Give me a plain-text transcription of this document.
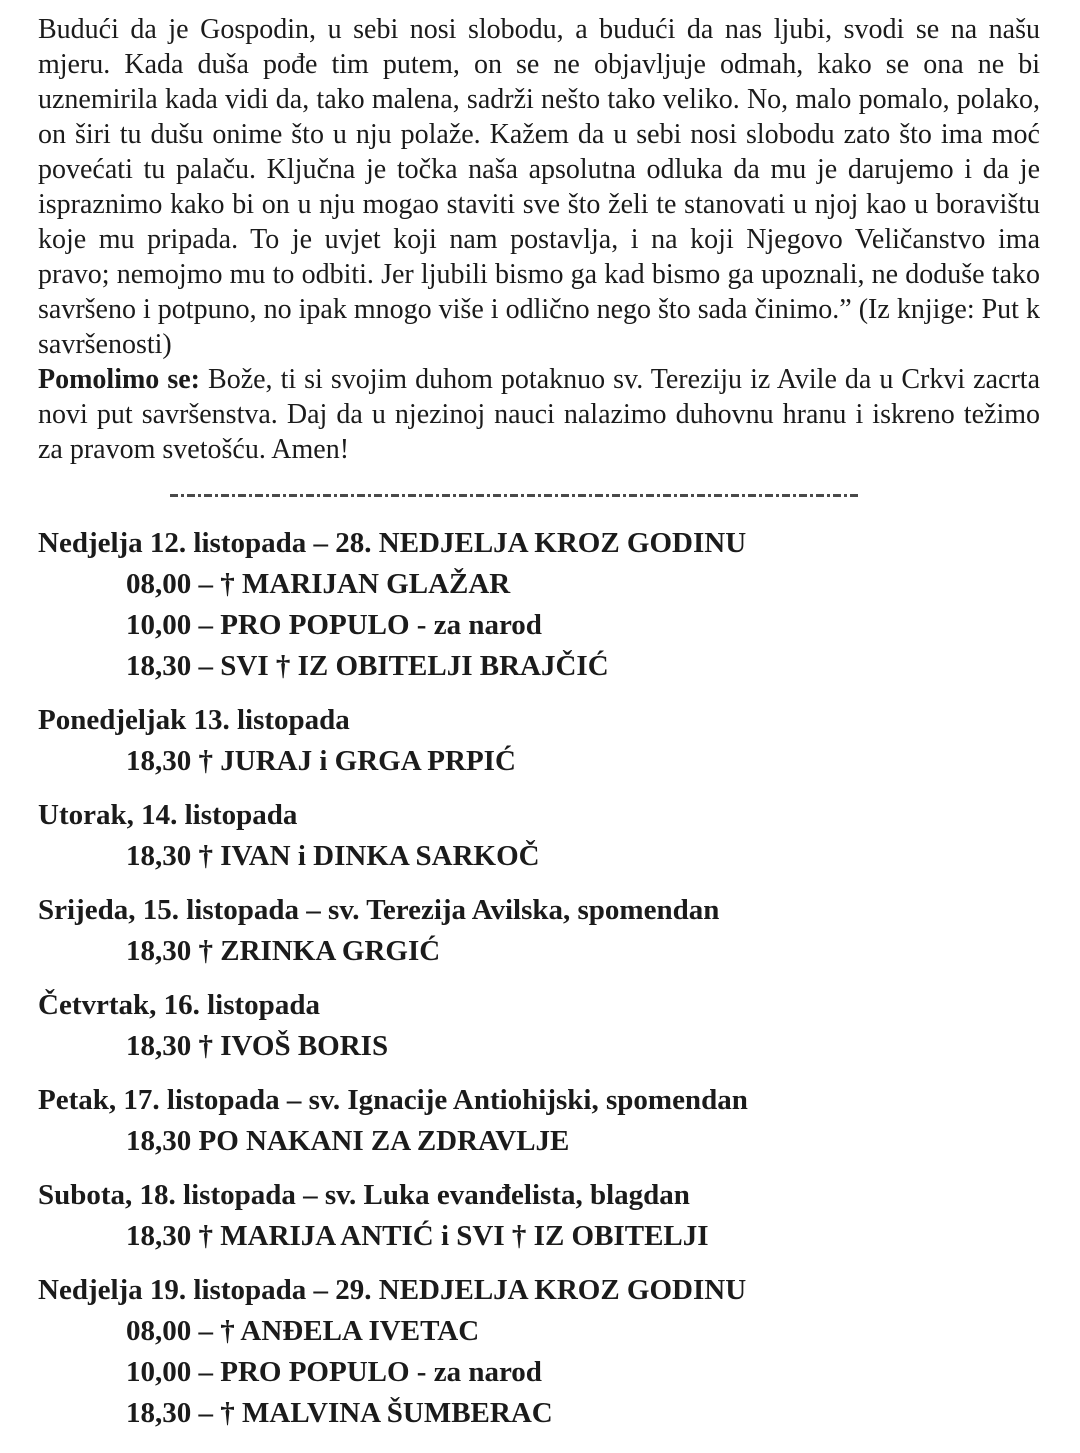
Budući da je Gospodin, u sebi nosi slobodu, a budući da nas ljubi, svodi se na našu mjeru. Kada duša pođe tim putem, on se ne objavljuje odmah, kako se ona ne bi uznemirila kada vidi da, tako malena, sadrži nešto tako veliko. No, malo pomalo, polako, on širi tu dušu onime što u nju polaže. Kažem da u sebi nosi slobodu zato što ima moć povećati tu palaču. Ključna je točka naša apsolutna odluka da mu je darujemo i da je ispraznimo kako bi on u nju mogao staviti sve što želi te stanovati u njoj kao u boravištu koje mu pripada. To je uvjet koji nam postavlja, i na koji Njegovo Veličanstvo ima pravo; nemojmo mu to odbiti. Jer ljubili bismo ga kad bismo ga upoznali, ne doduše tako savršeno i potpuno, no ipak mnogo više i odlično nego što sada činimo.” (Iz knjige: Put k savršenosti)

Pomolimo se: Bože, ti si svojim duhom potaknuo sv. Tereziju iz Avile da u Crkvi zacrta novi put savršenstva. Daj da u njezinoj nauci nalazimo duhovnu hranu i iskreno težimo za pravom svetošću. Amen!

Nedjelja 12. listopada – 28. NEDJELJA KROZ GODINU
08,00 – † MARIJAN GLAŽAR
10,00 – PRO POPULO - za narod
18,30 – SVI † IZ OBITELJI BRAJČIĆ
Ponedjeljak 13. listopada
18,30 † JURAJ i GRGA PRPIĆ
Utorak, 14. listopada
18,30 † IVAN i DINKA SARKOČ
Srijeda, 15. listopada – sv. Terezija Avilska, spomendan
18,30 † ZRINKA GRGIĆ
Četvrtak, 16. listopada
18,30 † IVOŠ BORIS
Petak, 17. listopada – sv. Ignacije Antiohijski, spomendan
18,30 PO NAKANI ZA ZDRAVLJE
Subota, 18. listopada – sv. Luka evanđelista, blagdan
18,30 † MARIJA ANTIĆ i SVI † IZ OBITELJI
Nedjelja 19. listopada – 29. NEDJELJA KROZ GODINU
08,00 – † ANĐELA IVETAC
10,00 – PRO POPULO - za narod
18,30 – † MALVINA ŠUMBERAC
